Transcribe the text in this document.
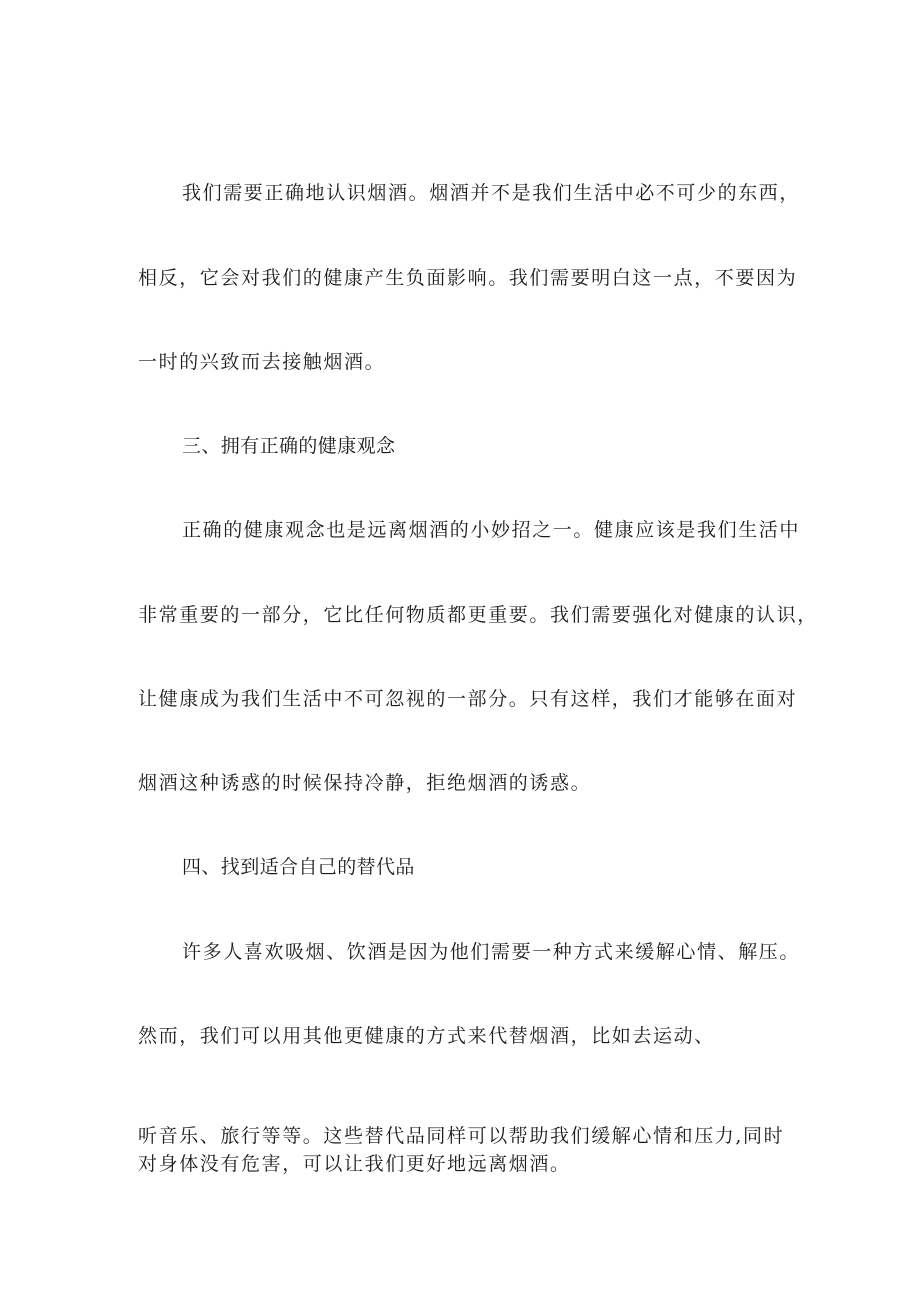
我们需要正确地认识烟酒。烟酒并不是我们生活中必不可少的东西，
相反，它会对我们的健康产生负面影响。我们需要明白这一点，不要因为
一时的兴致而去接触烟酒。
三、拥有正确的健康观念
正确的健康观念也是远离烟酒的小妙招之一。健康应该是我们生活中
非常重要的一部分，它比任何物质都更重要。我们需要强化对健康的认识，
让健康成为我们生活中不可忽视的一部分。只有这样，我们才能够在面对
烟酒这种诱惑的时候保持冷静，拒绝烟酒的诱惑。
四、找到适合自己的替代品
许多人喜欢吸烟、饮酒是因为他们需要一种方式来缓解心情、解压。
然而，我们可以用其他更健康的方式来代替烟酒，比如去运动、
听音乐、旅行等等。这些替代品同样可以帮助我们缓解心情和压力,同时
对身体没有危害，可以让我们更好地远离烟酒。
